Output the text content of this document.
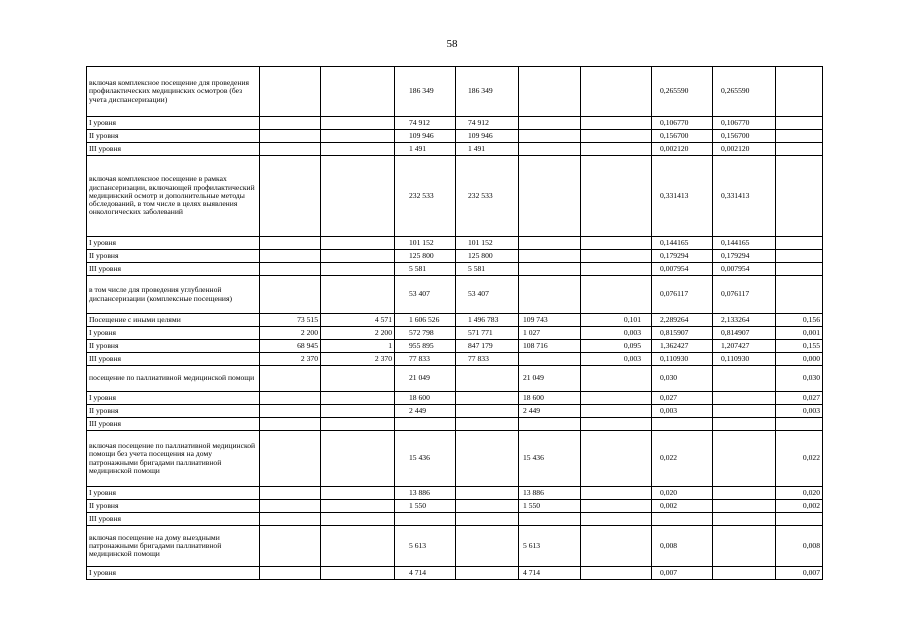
58
включая комплексное посещение для проведения профилактических медицинских осмотров (без учета диспансеризации)			186 349	186 349			0,265590	0,265590	
I уровня			74 912	74 912			0,106770	0,106770	
II уровня			109 946	109 946			0,156700	0,156700	
III уровня			1 491	1 491			0,002120	0,002120	
включая комплексное посещение в рамках диспансеризации, включающей профилактический медицинский осмотр и дополнительные методы обследований, в том числе в целях выявления онкологических заболеваний			232 533	232 533			0,331413	0,331413	
I уровня			101 152	101 152			0,144165	0,144165	
II уровня			125 800	125 800			0,179294	0,179294	
III уровня			5 581	5 581			0,007954	0,007954	
в том числе для проведения углубленной диспансеризации (комплексные посещения)			53 407	53 407			0,076117	0,076117	
Посещение с иными целями	73 515	4 571	1 606 526	1 496 783	109 743	0,101	2,289264	2,133264	0,156
I уровня	2 200	2 200	572 798	571 771	1 027	0,003	0,815907	0,814907	0,001
II уровня	68 945	1	955 895	847 179	108 716	0,095	1,362427	1,207427	0,155
III уровня	2 370	2 370	77 833	77 833		0,003	0,110930	0,110930	0,000
посещение по паллиативной медицинской помощи			21 049		21 049		0,030		0,030
I уровня			18 600		18 600		0,027		0,027
II уровня			2 449		2 449		0,003		0,003
III уровня									
включая посещение по паллиативной медицинской помощи без учета посещения на дому патронажными бригадами паллиативной медицинской помощи			15 436		15 436		0,022		0,022
I уровня			13 886		13 886		0,020		0,020
II уровня			1 550		1 550		0,002		0,002
III уровня									
включая посещение на дому выездными патронажными бригадами паллиативной медицинской помощи			5 613		5 613		0,008		0,008
I уровня			4 714		4 714		0,007		0,007
